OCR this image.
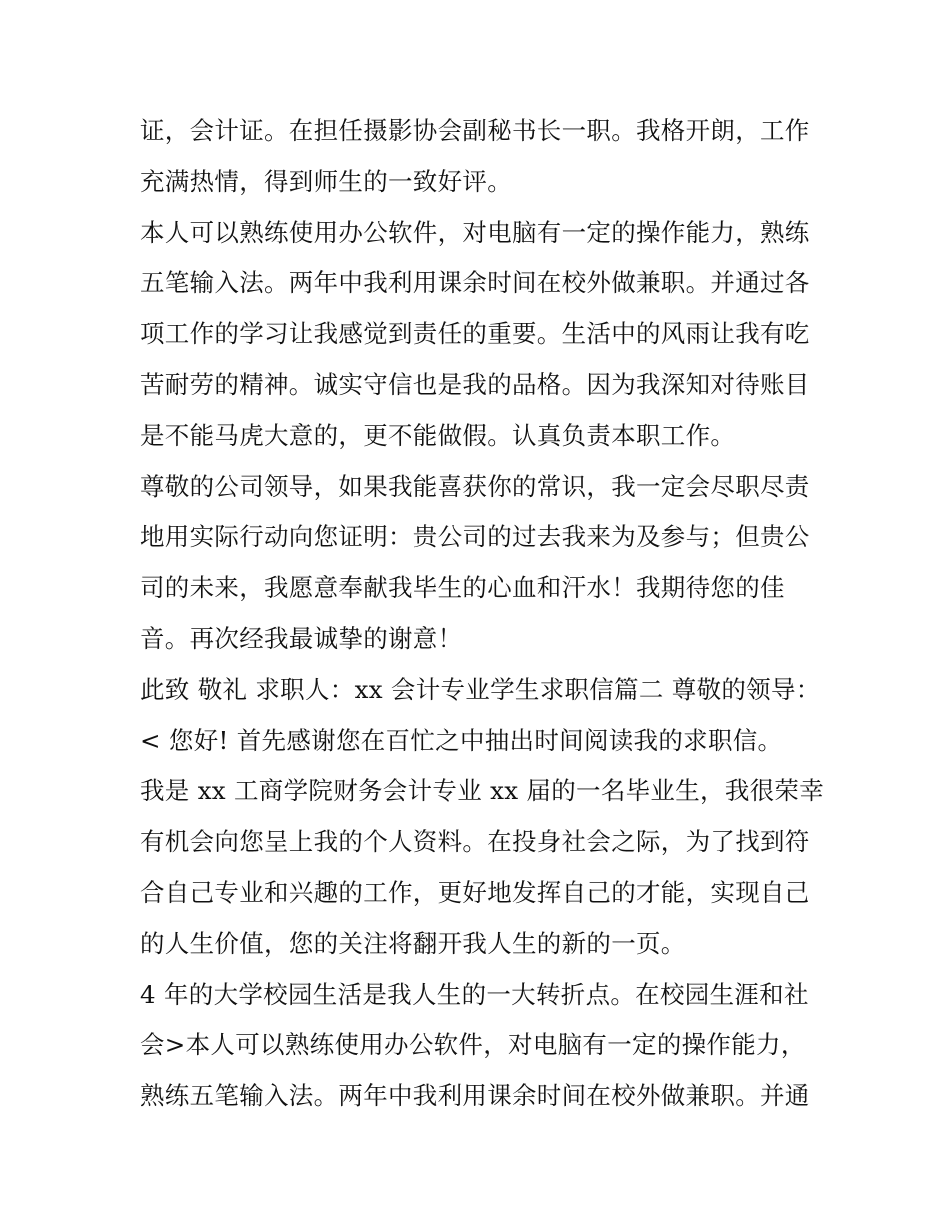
证，会计证。在担任摄影协会副秘书长一职。我格开朗，工作
充满热情，得到师生的一致好评。
本人可以熟练使用办公软件，对电脑有一定的操作能力，熟练
五笔输入法。两年中我利用课余时间在校外做兼职。并通过各
项工作的学习让我感觉到责任的重要。生活中的风雨让我有吃
苦耐劳的精神。诚实守信也是我的品格。因为我深知对待账目
是不能马虎大意的，更不能做假。认真负责本职工作。
尊敬的公司领导，如果我能喜获你的常识，我一定会尽职尽责
地用实际行动向您证明：贵公司的过去我来为及参与；但贵公
司的未来，我愿意奉献我毕生的心血和汗水！我期待您的佳
音。再次经我最诚挚的谢意！
此致 敬礼 求职人：xx 会计专业学生求职信篇二 尊敬的领导：
< 您好! 首先感谢您在百忙之中抽出时间阅读我的求职信。
我是 xx 工商学院财务会计专业 xx 届的一名毕业生，我很荣幸
有机会向您呈上我的个人资料。在投身社会之际，为了找到符
合自己专业和兴趣的工作，更好地发挥自己的才能，实现自己
的人生价值，您的关注将翻开我人生的新的一页。
4 年的大学校园生活是我人生的一大转折点。在校园生涯和社
会>本人可以熟练使用办公软件，对电脑有一定的操作能力，
熟练五笔输入法。两年中我利用课余时间在校外做兼职。并通
